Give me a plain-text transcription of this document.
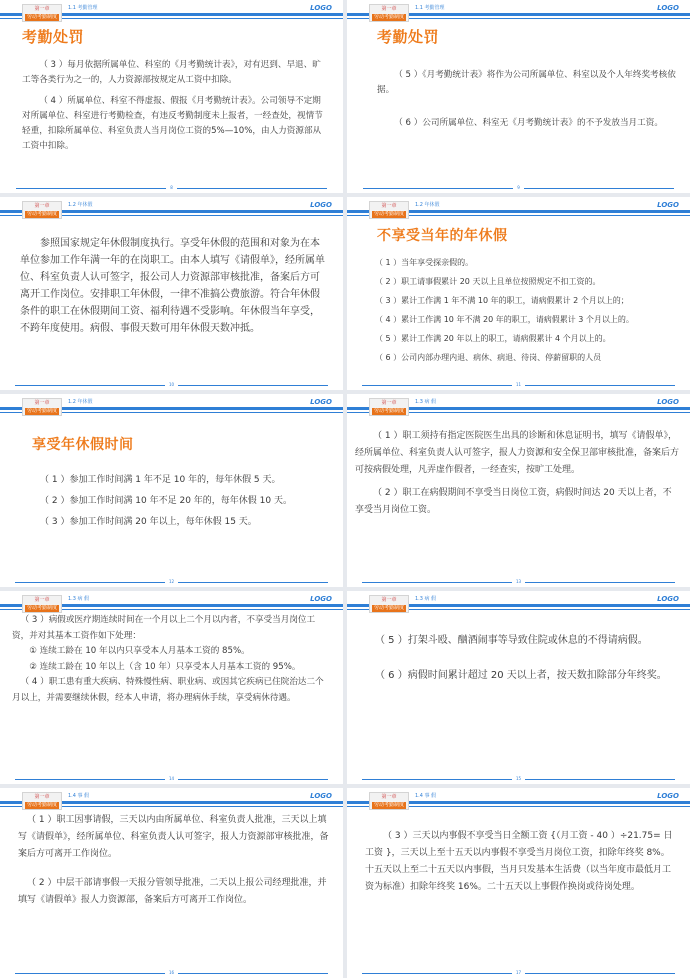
第一章
劳动考勤制度
1.1 考勤管理	LOGO
考勤处罚

（ 3 ）每月依据所属单位、科室的《月考勤统计表》，对有迟到、早退、旷工等各类行为之一的，人力资源部按规定从工资中扣除。

（ 4 ）所属单位、科室不得虚报、假报《月考勤统计表》。公司领导不定期对所属单位、科室进行考勤检查，有违反考勤制度未上报者，一经查处，视情节轻重，扣除所属单位、科室负责人当月岗位工资的5%—10%，由人力资源部从工资中扣除。

8
第一章
劳动考勤制度
1.1 考勤管理	LOGO
考勤处罚

（ 5 ）《月考勤统计表》将作为公司所属单位、科室以及个人年终奖考核依据。

（ 6 ）公司所属单位、科室无《月考勤统计表》的不予发放当月工资。

9
第一章
劳动考勤制度
1.2 年休假	LOGO

参照国家规定年休假制度执行。享受年休假的范围和对象为在本单位参加工作年满一年的在岗职工。由本人填写《请假单》，经所属单位、科室负责人认可签字，报公司人力资源部审核批准，备案后方可离开工作岗位。安排职工年休假，一律不准搞公费旅游。符合年休假条件的职工在休假期间工资、福利待遇不受影响。年休假当年享受，不跨年度使用。病假、事假天数可用年休假天数冲抵。

10
第一章
劳动考勤制度
1.2 年休假	LOGO
不享受当年的年休假

（ 1 ）当年享受探亲假的。

（ 2 ）职工请事假累计 20 天以上且单位按照规定不扣工资的。

（ 3 ）累计工作满 1 年不满 10 年的职工，请病假累计 2 个月以上的；

（ 4 ）累计工作满 10 年不满 20 年的职工，请病假累计 3 个月以上的。

（ 5 ）累计工作满 20 年以上的职工，请病假累计 4 个月以上的。

（ 6 ）公司内部办理内退、病休、病退、待岗、停薪留职的人员

11
第一章
劳动考勤制度
1.2 年休假	LOGO
享受年休假时间

（ 1 ）参加工作时间满 1 年不足 10 年的，每年休假 5 天。

（ 2 ）参加工作时间满 10 年不足 20 年的，每年休假 10 天。

（ 3 ）参加工作时间满 20 年以上，每年休假 15 天。

12
第一章
劳动考勤制度
1.3 病 假	LOGO

（ 1 ）职工须持有指定医院医生出具的诊断和休息证明书，填写《请假单》，经所属单位、科室负责人认可签字，报人力资源和安全保卫部审核批准，备案后方可按病假处理，凡弄虚作假者，一经查实，按旷工处理。

（ 2 ）职工在病假期间不享受当日岗位工资，病假时间达 20 天以上者，不享受当月岗位工资。

13
第一章
劳动考勤制度
1.3 病 假	LOGO

（ 3 ）病假或医疗期连续时间在一个月以上二个月以内者，不享受当月岗位工资，并对其基本工资作如下处理：

① 连续工龄在 10 年以内只享受本人月基本工资的 85%。

② 连续工龄在 10 年以上（含 10 年）只享受本人月基本工资的 95%。

（ 4 ）职工患有重大疾病、特殊慢性病、职业病、或因其它疾病已住院治达二个月以上，并需要继续休假，经本人申请，将办理病休手续，享受病休待遇。

14
第一章
劳动考勤制度
1.3 病 假	LOGO

（ 5 ）打架斗殴、酗酒闹事等导致住院或休息的不得请病假。

（ 6 ）病假时间累计超过 20 天以上者，按天数扣除部分年终奖。

15
第一章
劳动考勤制度
1.4 事 假	LOGO

（ 1 ）职工因事请假，三天以内由所属单位、科室负责人批准，三天以上填写《请假单》，经所属单位、科室负责人认可签字，报人力资源部审核批准，备案后方可离开工作岗位。

（ 2 ）中层干部请事假一天报分管领导批准，二天以上报公司经理批准，并填写《请假单》报人力资源部，备案后方可离开工作岗位。

16
第一章
劳动考勤制度
1.4 事 假	LOGO

（ 3 ）三天以内事假不享受当日全额工资 {（月工资 - 40 ）÷21.75= 日工资 }，三天以上至十五天以内事假不享受当月岗位工资，扣除年终奖 8%。十五天以上至二十五天以内事假，当月只发基本生活费（以当年度市最低月工资为标准）扣除年终奖 16%。二十五天以上事假作换岗或待岗处理。

17
